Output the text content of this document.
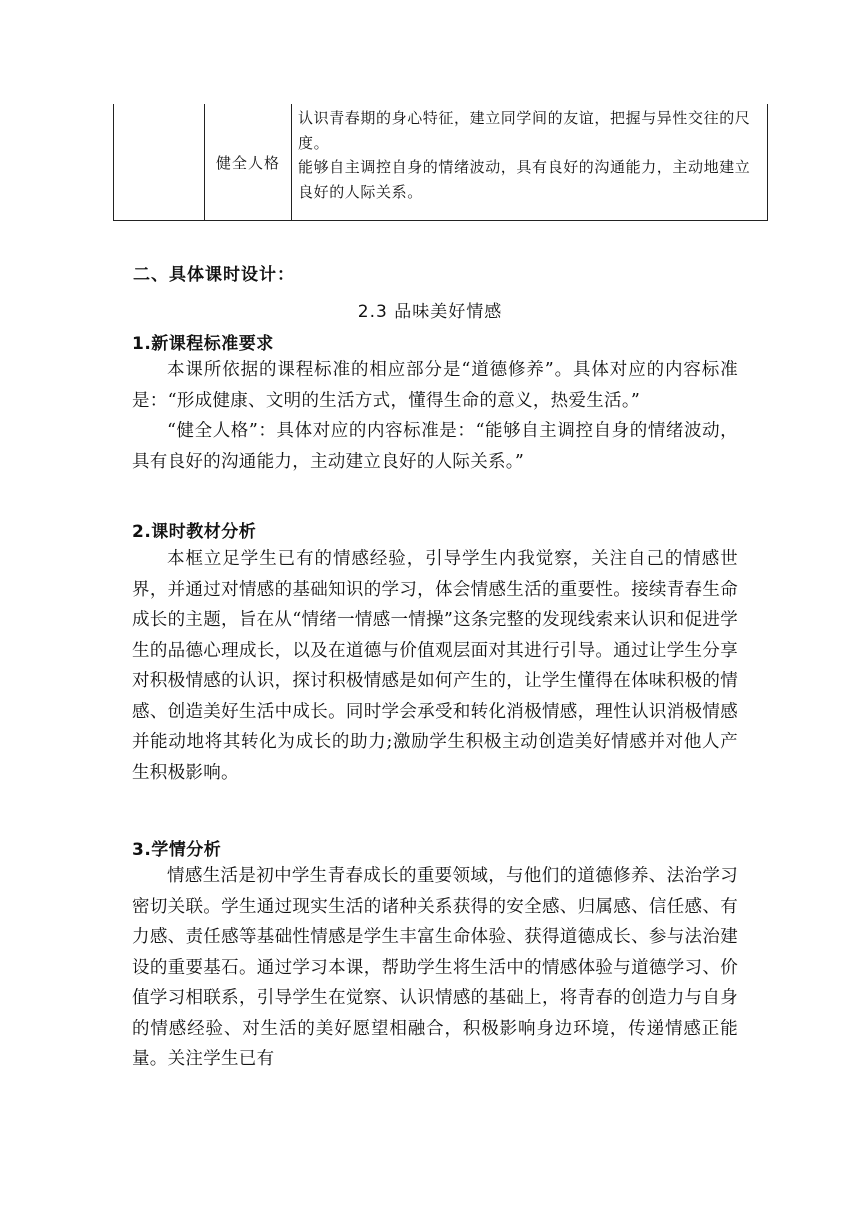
健全人格

认识青春期的身心特征，建立同学间的友谊，把握与异性交往的尺度。

能够自主调控自身的情绪波动，具有良好的沟通能力，主动地建立良好的人际关系。

二、具体课时设计：
2.3 品味美好情感
1.新课程标准要求

本课所依据的课程标准的相应部分是“道德修养”。具体对应的内容标准是：“形成健康、文明的生活方式，懂得生命的意义，热爱生活。”

“健全人格”：具体对应的内容标准是：“能够自主调控自身的情绪波动，具有良好的沟通能力，主动建立良好的人际关系。”

2.课时教材分析

本框立足学生已有的情感经验，引导学生内我觉察，关注自己的情感世界，并通过对情感的基础知识的学习，体会情感生活的重要性。接续青春生命成长的主题，旨在从“情绪一情感一情操”这条完整的发现线索来认识和促进学生的品德心理成长，以及在道德与价值观层面对其进行引导。通过让学生分享对积极情感的认识，探讨积极情感是如何产生的，让学生懂得在体味积极的情感、创造美好生活中成长。同时学会承受和转化消极情感，理性认识消极情感并能动地将其转化为成长的助力;激励学生积极主动创造美好情感并对他人产生积极影响。

3.学情分析

情感生活是初中学生青春成长的重要领域，与他们的道德修养、法治学习密切关联。学生通过现实生活的诸种关系获得的安全感、归属感、信任感、有力感、责任感等基础性情感是学生丰富生命体验、获得道德成长、参与法治建设的重要基石。通过学习本课，帮助学生将生活中的情感体验与道德学习、价值学习相联系，引导学生在觉察、认识情感的基础上，将青春的创造力与自身的情感经验、对生活的美好愿望相融合，积极影响身边环境，传递情感正能量。关注学生已有
